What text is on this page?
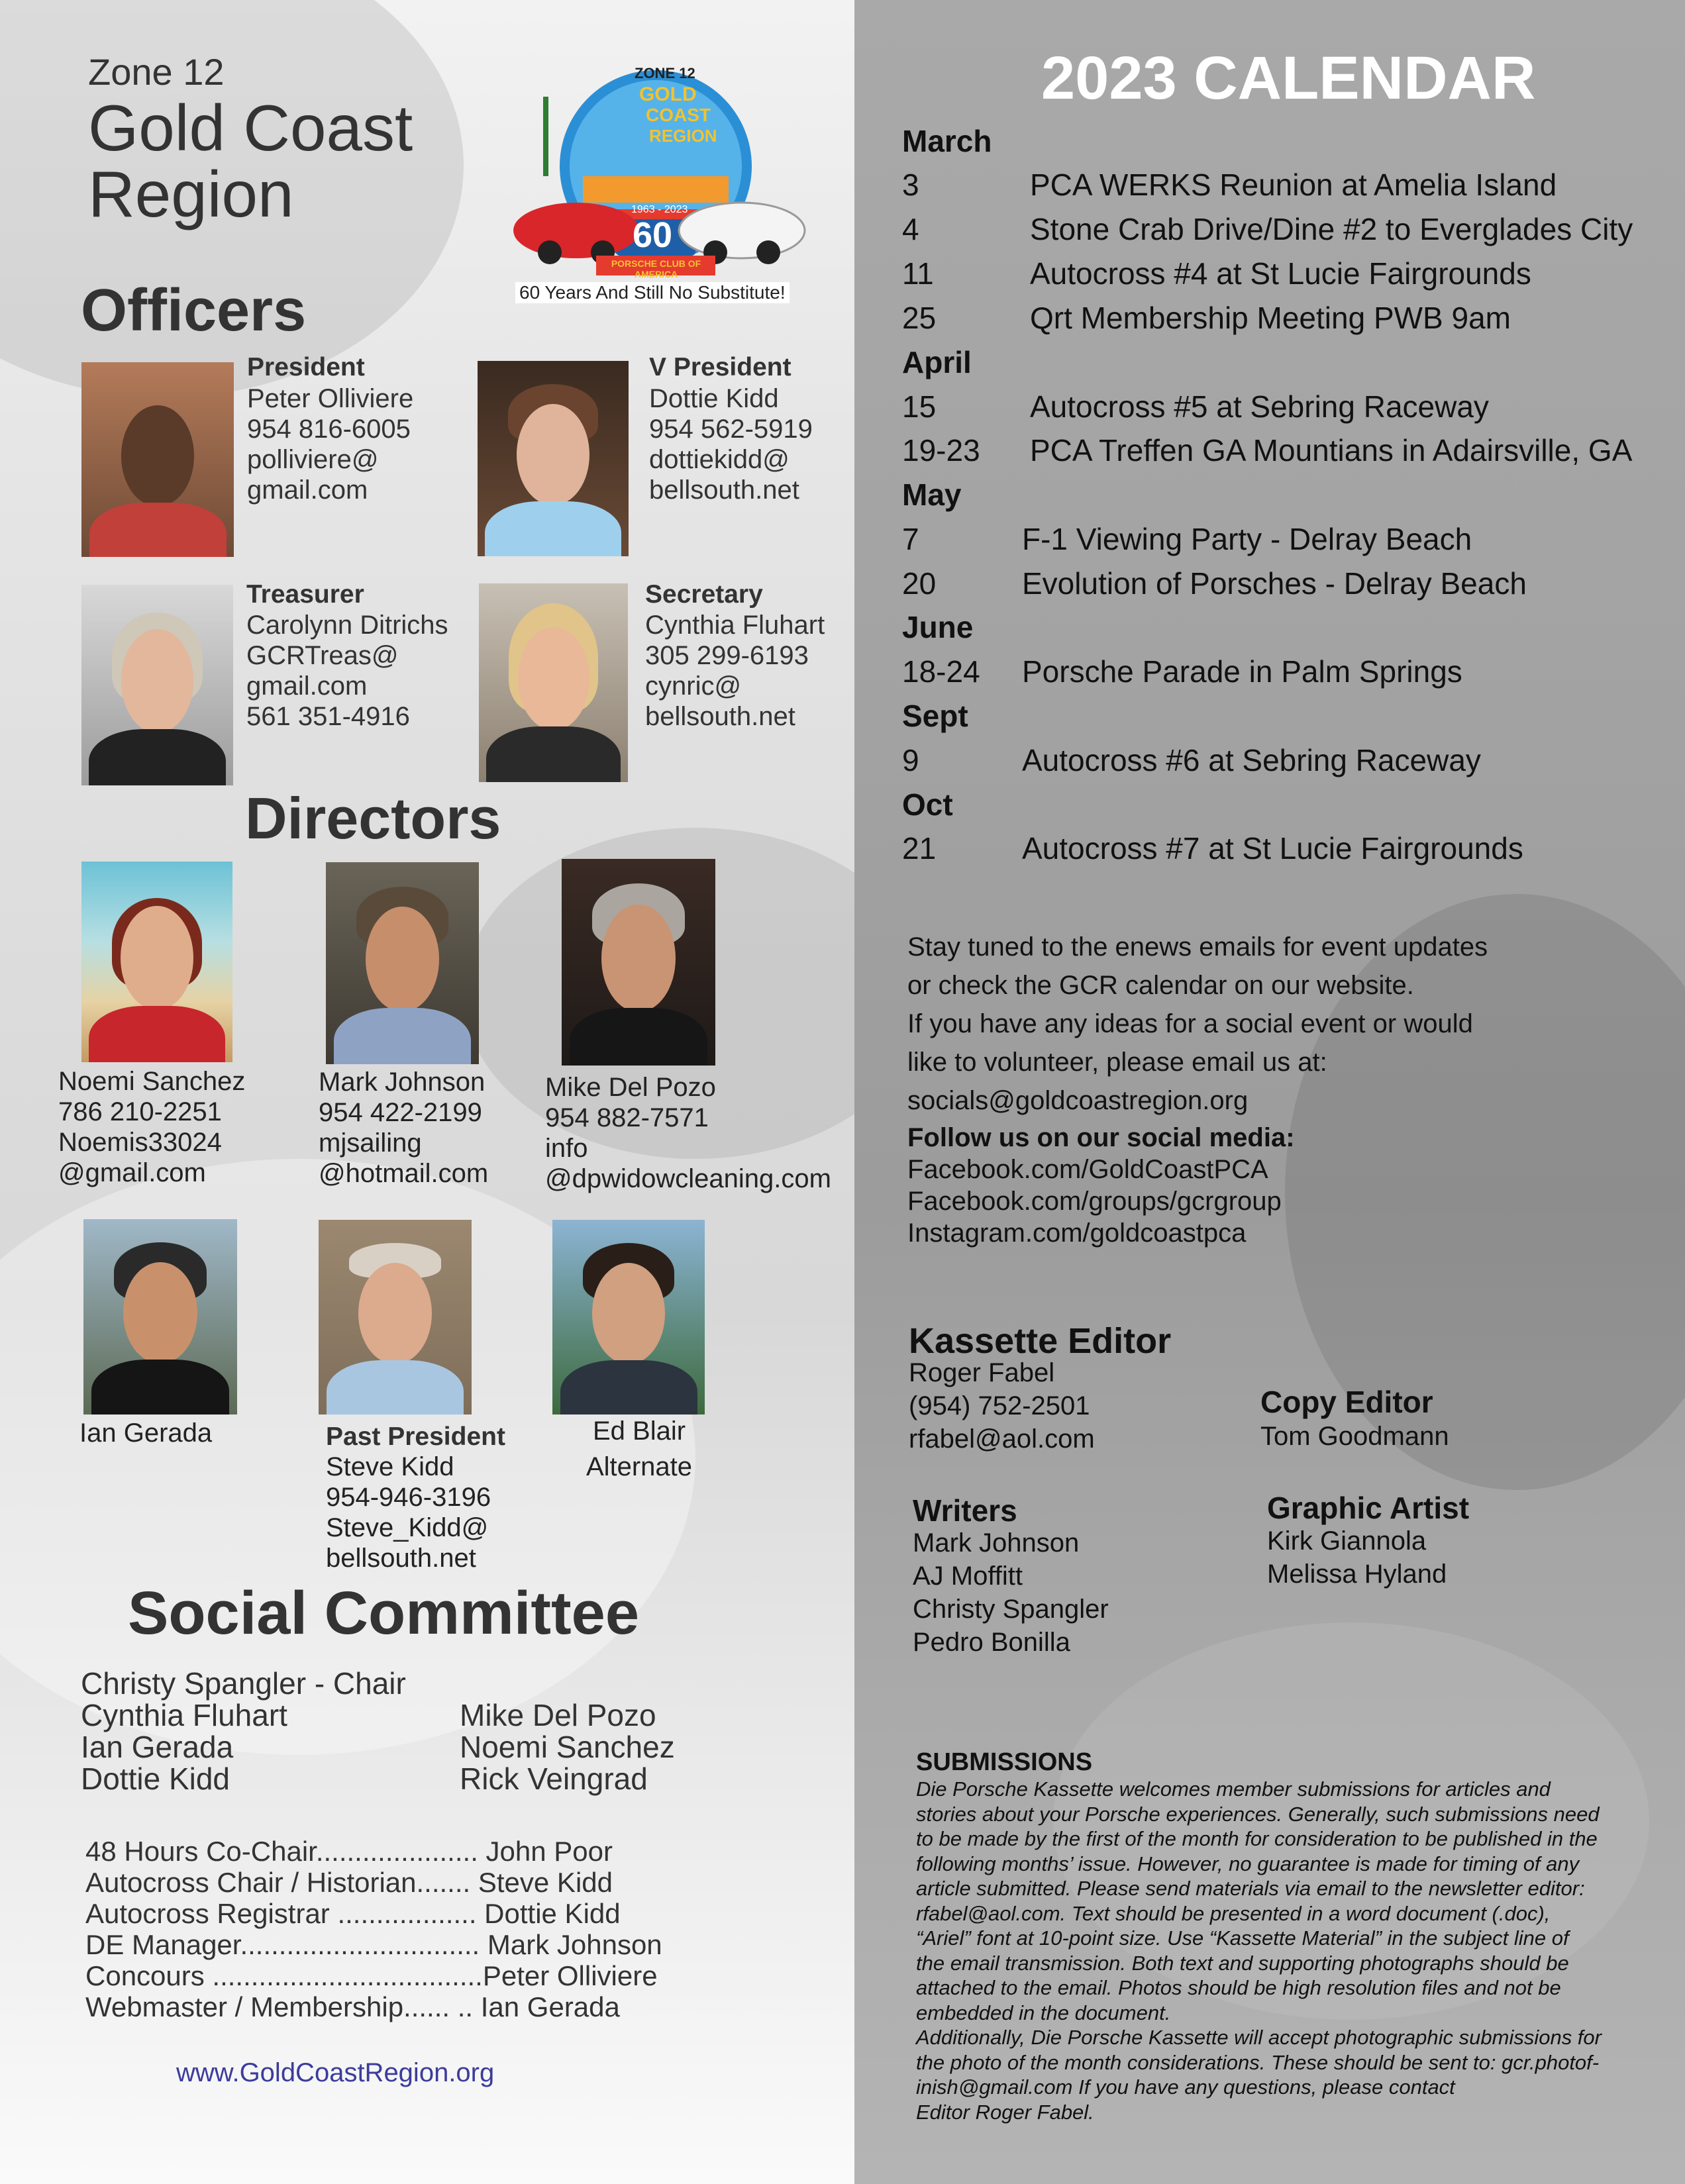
Zone 12
Gold Coast
Region
ZONE 12
GOLD
COAST
REGION
1963 - 2023
60
PORSCHE CLUB OF AMERICA
60 Years And Still No Substitute!
Officers
President
Peter Olliviere
954 816-6005
polliviere@
gmail.com
V President
Dottie Kidd
954 562-5919
dottiekidd@
bellsouth.net
Treasurer
Carolynn Ditrichs
GCRTreas@
gmail.com
561 351-4916
Secretary
Cynthia Fluhart
305 299-6193
cynric@
bellsouth.net
Directors
Noemi Sanchez
786 210-2251
Noemis33024
@gmail.com
Mark Johnson
954 422-2199
mjsailing
@hotmail.com
Mike Del Pozo
954 882-7571
info
@dpwidowcleaning.com
Ian Gerada	Past President
Steve Kidd
954-946-3196
Steve_Kidd@
bellsouth.net
Ed Blair
Alternate
Social Committee
Christy Spangler - Chair
Cynthia Fluhart
Ian Gerada
Dottie Kidd
Mike Del Pozo
Noemi Sanchez
Rick Veingrad
48 Hours Co-Chair..................... John Poor
Autocross Chair / Historian....... Steve Kidd
Autocross Registrar .................. Dottie Kidd
DE Manager............................... Mark Johnson
Concours ...................................Peter Olliviere
Webmaster / Membership...... .. Ian Gerada
www.GoldCoastRegion.org
2023 CALENDAR
March
3	PCA WERKS Reunion at Amelia Island
4	Stone Crab Drive/Dine #2 to Everglades City
11	Autocross #4 at St Lucie Fairgrounds
25	Qrt Membership Meeting PWB 9am
April
15	Autocross #5 at Sebring Raceway
19-23 PCA Treffen GA Mountians in Adairsville, GA
May
7	F-1 Viewing Party - Delray Beach
20	Evolution of Porsches - Delray Beach
June
18-24 Porsche Parade in Palm Springs
Sept
9	Autocross #6 at Sebring Raceway
Oct
21	Autocross #7 at St Lucie Fairgrounds
Stay tuned to the enews emails for event updates
or check the GCR calendar on our website.
If you have any ideas for a social event or would
like to volunteer, please email us at:
socials@goldcoastregion.org
Follow us on our social media:
Facebook.com/GoldCoastPCA
Facebook.com/groups/gcrgroup
Instagram.com/goldcoastpca
Kassette Editor
Roger Fabel
(954) 752-2501
rfabel@aol.com
Copy Editor
Tom Goodmann
Writers
Mark Johnson
AJ Moffitt
Christy Spangler
Pedro Bonilla
Graphic Artist
Kirk Giannola
Melissa Hyland
SUBMISSIONS
Die Porsche Kassette welcomes member submissions for articles and
stories about your Porsche experiences. Generally, such submissions need
to be made by the first of the month for consideration to be published in the
following months’ issue. However, no guarantee is made for timing of any
article submitted. Please send materials via email to the newsletter editor:
rfabel@aol.com. Text should be presented in a word document (.doc),
“Ariel” font at 10-point size. Use “Kassette Material” in the subject line of
the email transmission. Both text and supporting photographs should be
attached to the email. Photos should be high resolution files and not be
embedded in the document.
Additionally, Die Porsche Kassette will accept photographic submissions for
the photo of the month considerations. These should be sent to: gcr.photof-
inish@gmail.com If you have any questions, please contact
Editor Roger Fabel.
